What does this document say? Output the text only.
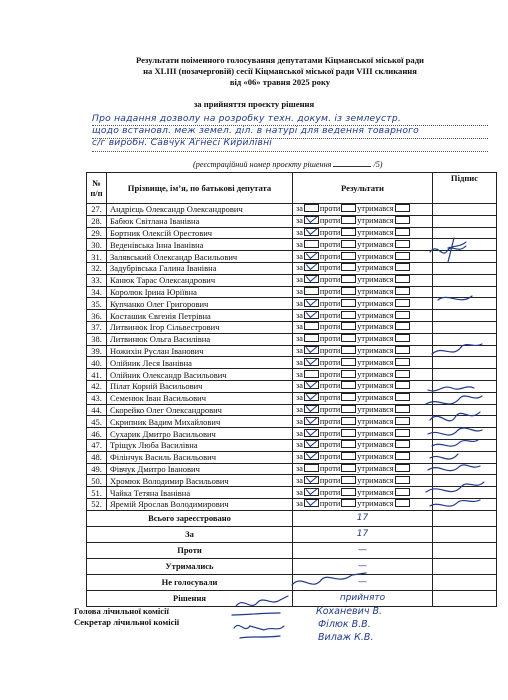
Результати поіменного голосування депутатами Кіцманської міської ради
на XLIII (позачерговій) сесії Кіцманської міської ради VIII скликання
від «06» травня 2025 року
за прийняття проєкту рішення
Про надання дозволу на розробку техн. докум. із землеустр.
щодо встановл. меж земел. діл. в натурі для ведення товарного
с/г виробн. Савчук Агнесі Кирилівні
(реєстраційний номер проєкту рішення	/5)
№ п/п	Прізвище, ім’я, по батькові депутата	Результати	Підпис
27.	Андрієць Олександр Олександрович	за проти утримався	
28.	Бабюк Світлана Іванівна	за проти утримався	
29.	Бортник Олексій Орестович	за проти утримався	
30.	Веденівська Інна Іванівна	за проти утримався	
31.	Залявський Олександр Васильович	за проти утримався	
32.	Задубрівська Галина Іванівна	за проти утримався	
33.	Канюк Тарас Олександрович	за проти утримався	
34.	Королюк Ірина Юріївна	за проти утримався	
35.	Купчанко Олег Григорович	за проти утримався	
36.	Косташик Євгенія Петрівна	за проти утримався	
37.	Литвинюк Ігор Сільвестрович	за проти утримався	
38.	Литвинюк Ольга Василівна	за проти утримався	
39.	Ножихін Руслан Іванович	за проти утримався	
40.	Олійник Леся Іванівна	за проти утримався	
41.	Олійник Олександр Васильович	за проти утримався	
42.	Пілат Корній Васильович	за проти утримався	
43.	Семенюк Іван Васильович	за проти утримався	
44.	Скорейко Олег Олександрович	за проти утримався	
45.	Скрипник Вадим Михайлович	за проти утримався	
46.	Сухарик Дмитро Васильович	за проти утримався	
47.	Тріщук Люба Василівна	за проти утримався	
48.	Філінчук Василь Васильович	за проти утримався	
49.	Фівчук Дмитро Іванович	за проти утримався	
50.	Хромюк Володимир Васильович	за проти утримався	
51.	Чайка Тетяна Іванівна	за проти утримався	
52.	Яремій Ярослав Володимирович	за проти утримався	
Всього зареєстровано		17	
За		17	
Проти		—	
Утримались		—	
Не голосували		—	
Рішення		прийнято	
Голова лічильної комісії
Секретар лічильної комісії
Коханевич В.
Філюк В.В.
Вилаж К.В.
